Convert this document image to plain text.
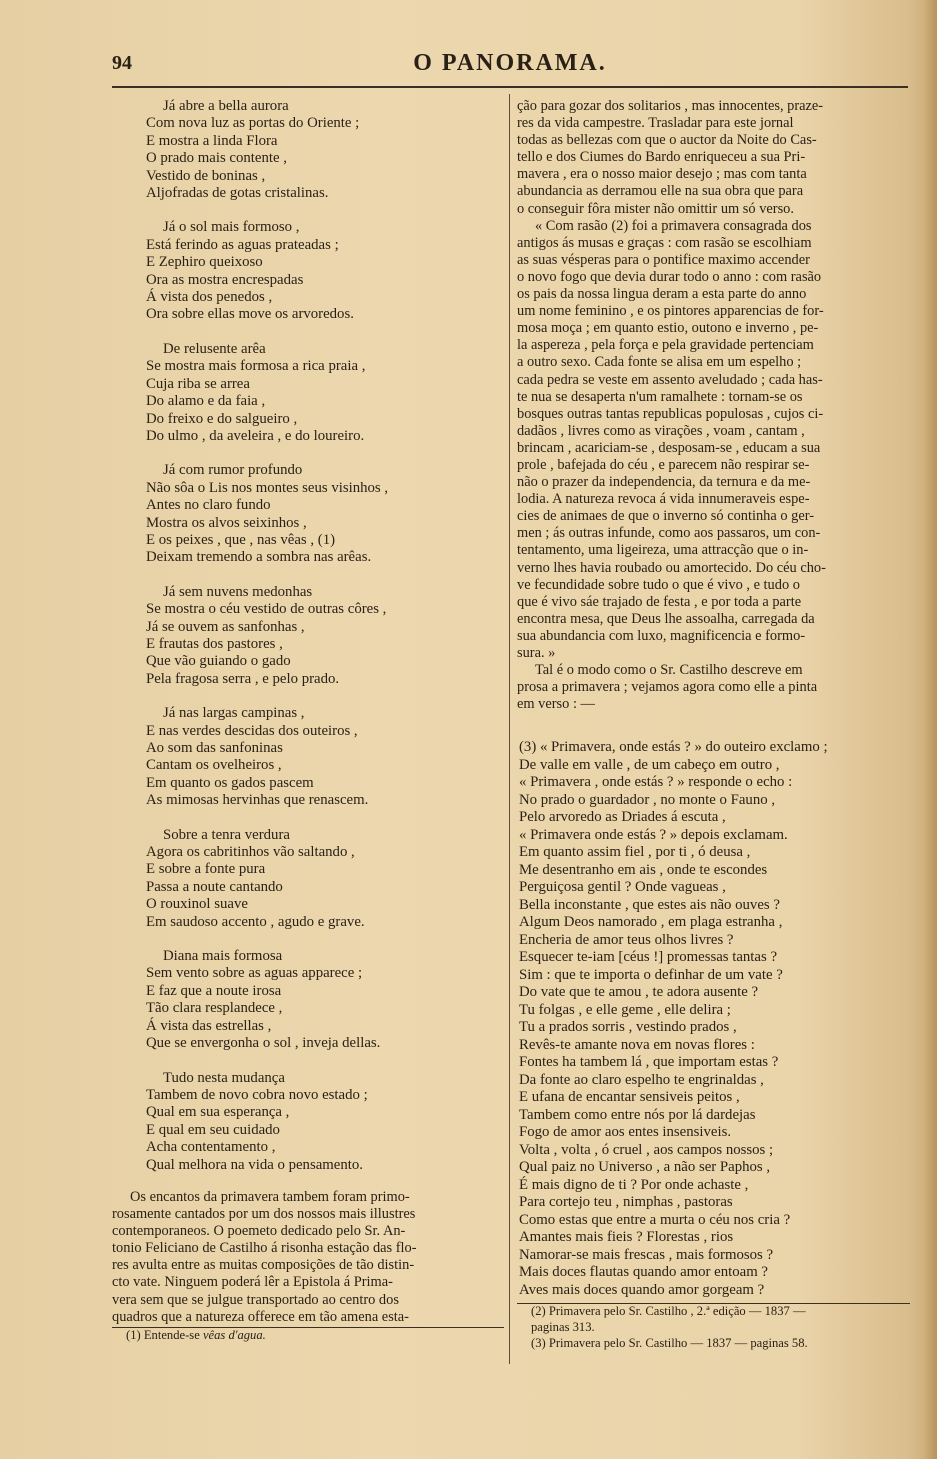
94	O PANORAMA.
Já abre a bella aurora
Com nova luz as portas do Oriente ;
E mostra a linda Flora
O prado mais contente ,
Vestido de boninas ,
Aljofradas de gotas cristalinas.
Já o sol mais formoso ,
Está ferindo as aguas prateadas ;
E Zephiro queixoso
Ora as mostra encrespadas
Á vista dos penedos ,
Ora sobre ellas move os arvoredos.
De relusente arêa
Se mostra mais formosa a rica praia ,
Cuja riba se arrea
Do alamo e da faia ,
Do freixo e do salgueiro ,
Do ulmo , da aveleira , e do loureiro.
Já com rumor profundo
Não sôa o Lis nos montes seus visinhos ,
Antes no claro fundo
Mostra os alvos seixinhos ,
E os peixes , que , nas vêas , (1)
Deixam tremendo a sombra nas arêas.
Já sem nuvens medonhas
Se mostra o céu vestido de outras côres ,
Já se ouvem as sanfonhas ,
E frautas dos pastores ,
Que vão guiando o gado
Pela fragosa serra , e pelo prado.
Já nas largas campinas ,
E nas verdes descidas dos outeiros ,
Ao som das sanfoninas
Cantam os ovelheiros ,
Em quanto os gados pascem
As mimosas hervinhas que renascem.
Sobre a tenra verdura
Agora os cabritinhos vão saltando ,
E sobre a fonte pura
Passa a noute cantando
O rouxinol suave
Em saudoso accento , agudo e grave.
Diana mais formosa
Sem vento sobre as aguas apparece ;
E faz que a noute irosa
Tão clara resplandece ,
Á vista das estrellas ,
Que se envergonha o sol , inveja dellas.
Tudo nesta mudança
Tambem de novo cobra novo estado ;
Qual em sua esperança ,
E qual em seu cuidado
Acha contentamento ,
Qual melhora na vida o pensamento.

Os encantos da primavera tambem foram primo-

rosamente cantados por um dos nossos mais illustres

contemporaneos. O poemeto dedicado pelo Sr. An-

tonio Feliciano de Castilho á risonha estação das flo-

res avulta entre as muitas composições de tão distin-

cto vate. Ninguem poderá lêr a Epistola á Prima-

vera sem que se julgue transportado ao centro dos

quadros que a natureza offerece em tão amena esta-

(1) Entende-se vêas d'agua.

ção para gozar dos solitarios , mas innocentes, praze-

res da vida campestre. Trasladar para este jornal

todas as bellezas com que o auctor da Noite do Cas-

tello e dos Ciumes do Bardo enriqueceu a sua Pri-

mavera , era o nosso maior desejo ; mas com tanta

abundancia as derramou elle na sua obra que para

o conseguir fôra mister não omittir um só verso.

« Com rasão (2) foi a primavera consagrada dos

antigos ás musas e graças : com rasão se escolhiam

as suas vésperas para o pontifice maximo accender

o novo fogo que devia durar todo o anno : com rasão

os pais da nossa lingua deram a esta parte do anno

um nome feminino , e os pintores apparencias de for-

mosa moça ; em quanto estio, outono e inverno , pe-

la aspereza , pela força e pela gravidade pertenciam

a outro sexo. Cada fonte se alisa em um espelho ;

cada pedra se veste em assento aveludado ; cada has-

te nua se desaperta n'um ramalhete : tornam-se os

bosques outras tantas republicas populosas , cujos ci-

dadãos , livres como as virações , voam , cantam ,

brincam , acariciam-se , desposam-se , educam a sua

prole , bafejada do céu , e parecem não respirar se-

não o prazer da independencia, da ternura e da me-

lodia. A natureza revoca á vida innumeraveis espe-

cies de animaes de que o inverno só continha o ger-

men ; ás outras infunde, como aos passaros, um con-

tentamento, uma ligeireza, uma attracção que o in-

verno lhes havia roubado ou amortecido. Do céu cho-

ve fecundidade sobre tudo o que é vivo , e tudo o

que é vivo sáe trajado de festa , e por toda a parte

encontra mesa, que Deus lhe assoalha, carregada da

sua abundancia com luxo, magnificencia e formo-

sura. »

Tal é o modo como o Sr. Castilho descreve em

prosa a primavera ; vejamos agora como elle a pinta

em verso : —

(3) « Primavera, onde estás ? » do outeiro exclamo ;
De valle em valle , de um cabeço em outro ,
« Primavera , onde estás ? » responde o echo :
No prado o guardador , no monte o Fauno ,
Pelo arvoredo as Driades á escuta ,
« Primavera onde estás ? » depois exclamam.
Em quanto assim fiel , por ti , ó deusa ,
Me desentranho em ais , onde te escondes
Perguiçosa gentil ? Onde vagueas ,
Bella inconstante , que estes ais não ouves ?
Algum Deos namorado , em plaga estranha ,
Encheria de amor teus olhos livres ?
Esquecer te-iam [céus !] promessas tantas ?
Sim : que te importa o definhar de um vate ?
Do vate que te amou , te adora ausente ?
Tu folgas , e elle geme , elle delira ;
Tu a prados sorris , vestindo prados ,
Revês-te amante nova em novas flores :
Fontes ha tambem lá , que importam estas ?
Da fonte ao claro espelho te engrinaldas ,
E ufana de encantar sensiveis peitos ,
Tambem como entre nós por lá dardejas
Fogo de amor aos entes insensiveis.
Volta , volta , ó cruel , aos campos nossos ;
Qual paiz no Universo , a não ser Paphos ,
É mais digno de ti ? Por onde achaste ,
Para cortejo teu , nimphas , pastoras
Como estas que entre a murta o céu nos cria ?
Amantes mais fieis ? Florestas , rios
Namorar-se mais frescas , mais formosos ?
Mais doces flautas quando amor entoam ?
Aves mais doces quando amor gorgeam ?
(2) Primavera pelo Sr. Castilho , 2.ª edição — 1837 —
paginas 313.
(3) Primavera pelo Sr. Castilho — 1837 — paginas 58.
